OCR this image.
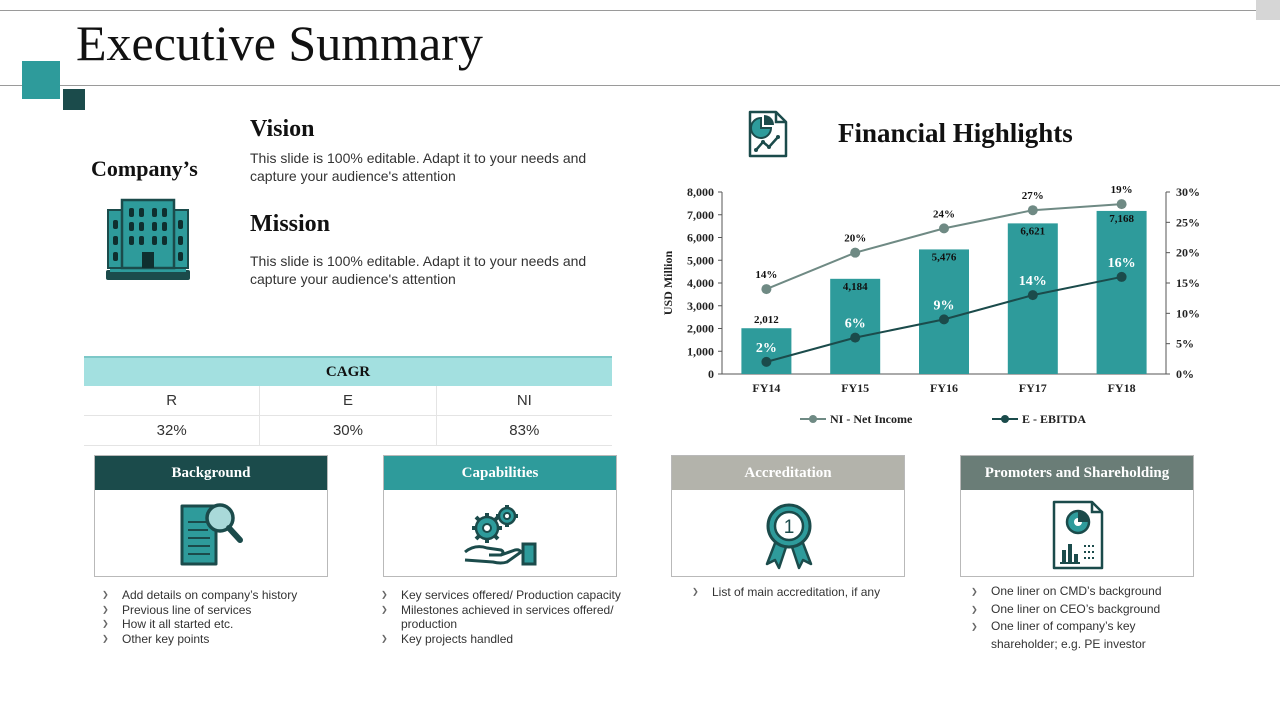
Executive Summary
Company’s
Vision
This slide is 100% editable. Adapt it to your needs and capture your audience's attention
Mission
This slide is 100% editable. Adapt it to your needs and capture your audience's attention
CAGR
R	E	NI
32%	30%	83%
Financial Highlights
0
1,000
2,000
3,000
4,000
5,000
6,000
7,000
8,000
0%
5%
10%
15%
20%
25%
30%
USD Million
FY14	FY15	FY16	FY17	FY18
2,012
4,184
5,476
6,621
7,168
14%
20%
24%
27%
19%
2%
6%
9%
14%
16%
NI - Net Income	E - EBITDA
Background	Capabilities	Accreditation
1
Promoters and Shareholding
❯ Add details on company’s history
❯ Previous line of services
❯ How it all started etc.
❯ Other key points
❯ Key services offered/ Production capacity
❯ Milestones achieved in services offered/ production
❯ Key projects handled
❯ List of main accreditation, if any
❯	One liner on CMD’s background
❯ One liner on CEO’s background
❯ One liner of company’s key shareholder; e.g. PE investor
